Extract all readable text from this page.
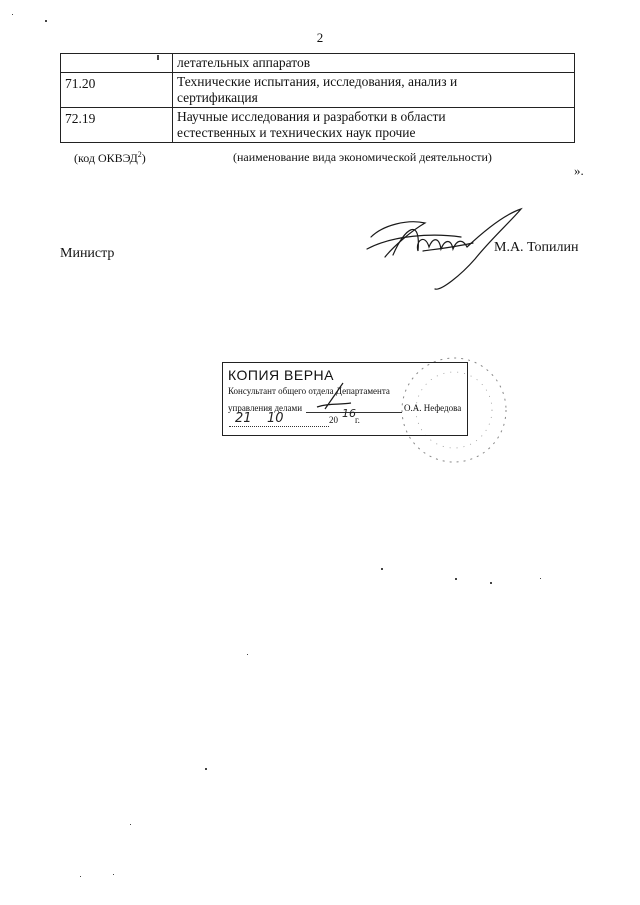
2
	летательных аппаратов
71.20	Технические испытания, исследования, анализ и
сертификация
72.19	Научные исследования и разработки в области
естественных и технических наук прочие
(код ОКВЭД$^2$)	(наименование вида экономической деятельности)
».
Министр	М.А. Топилин
КОПИЯ ВЕРНА
Консультант общего отдела Департамента
управления делами	О.А. Нефедова
21 10	20 16 г.
